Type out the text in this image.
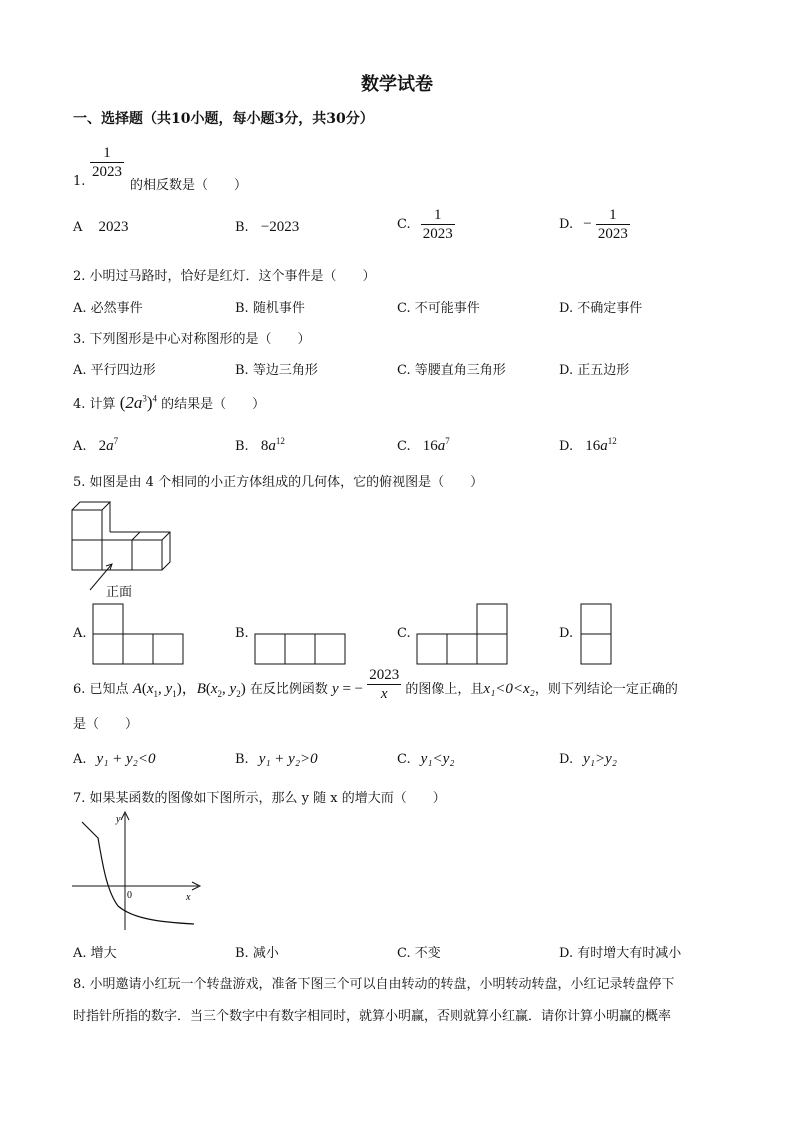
数学试卷
一、选择题（共10小题，每小题3分，共30分）
1.
$\frac{1}{2023}$
的相反数是（　　）
A 2023	B. −2023	C. $\frac{1}{2023}$	D. − $\frac{1}{2023}$
2. 小明过马路时，恰好是红灯．这个事件是（　　）
A. 必然事件	B. 随机事件	C. 不可能事件	D. 不确定事件
3. 下列图形是中心对称图形的是（　　）
A. 平行四边形	B. 等边三角形	C. 等腰直角三角形	D. 正五边形
4. 计算 $(2a^3)^4$ 的结果是（　　）
A. $2a^7$	B. $8a^{12}$	C. $16a^7$	D. $16a^{12}$
5. 如图是由 4 个相同的小正方体组成的几何体，它的俯视图是（　　）
正面
A.	B.	C.	D.
6. 已知点 $A(x_1$, $y_1$)，$B(x_2$, $y_2$) 在反比例函数 y = − $\frac{2023}{x}$ 的图像上，且x₁<0<x₂，则下列结论一定正确的
是（　　）
A. y₁ + y₂<0	B. y₁ + y₂>0	C. y₁<y₂	D. y₁>y₂
7. 如果某函数的图像如下图所示，那么 y 随 x 的增大而（　　）
y
x
0
A. 增大	B. 减小	C. 不变	D. 有时增大有时减小
8. 小明邀请小红玩一个转盘游戏，准备下图三个可以自由转动的转盘，小明转动转盘，小红记录转盘停下
时指针所指的数字．当三个数字中有数字相同时，就算小明赢，否则就算小红赢．请你计算小明赢的概率
